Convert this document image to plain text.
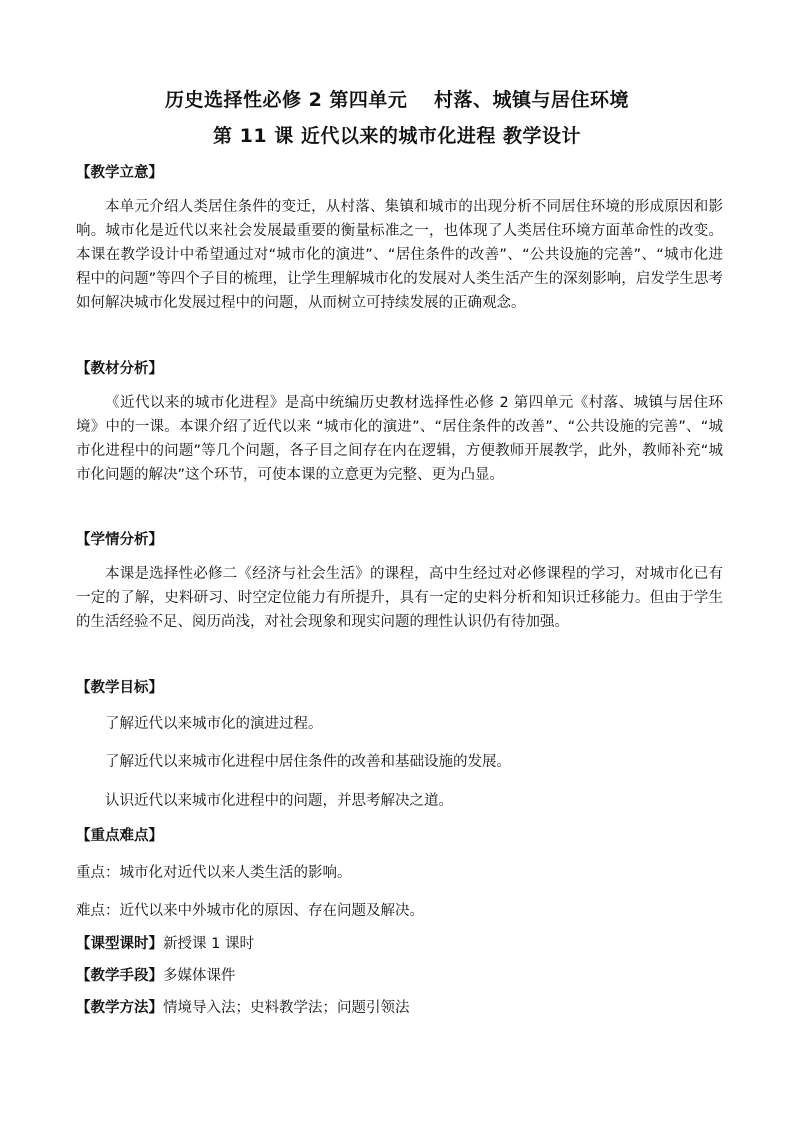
历史选择性必修 2 第四单元　 村落、城镇与居住环境
第 11 课 近代以来的城市化进程 教学设计
【教学立意】

本单元介绍人类居住条件的变迁，从村落、集镇和城市的出现分析不同居住环境的形成原因和影响。城市化是近代以来社会发展最重要的衡量标准之一，也体现了人类居住环境方面革命性的改变。本课在教学设计中希望通过对“城市化的演进”、“居住条件的改善”、“公共设施的完善”、“城市化进程中的问题”等四个子目的梳理，让学生理解城市化的发展对人类生活产生的深刻影响，启发学生思考如何解决城市化发展过程中的问题，从而树立可持续发展的正确观念。

【教材分析】

《近代以来的城市化进程》是高中统编历史教材选择性必修 2 第四单元《村落、城镇与居住环境》中的一课。本课介绍了近代以来 “城市化的演进”、“居住条件的改善”、“公共设施的完善”、“城市化进程中的问题”等几个问题，各子目之间存在内在逻辑，方便教师开展教学，此外，教师补充“城市化问题的解决”这个环节，可使本课的立意更为完整、更为凸显。

【学情分析】

本课是选择性必修二《经济与社会生活》的课程，高中生经过对必修课程的学习，对城市化已有一定的了解，史料研习、时空定位能力有所提升，具有一定的史料分析和知识迁移能力。但由于学生的生活经验不足、阅历尚浅，对社会现象和现实问题的理性认识仍有待加强。

【教学目标】
了解近代以来城市化的演进过程。
了解近代以来城市化进程中居住条件的改善和基础设施的发展。
认识近代以来城市化进程中的问题，并思考解决之道。
【重点难点】
重点：城市化对近代以来人类生活的影响。
难点：近代以来中外城市化的原因、存在问题及解决。
【课型课时】新授课 1 课时
【教学手段】多媒体课件
【教学方法】情境导入法；史料教学法；问题引领法
